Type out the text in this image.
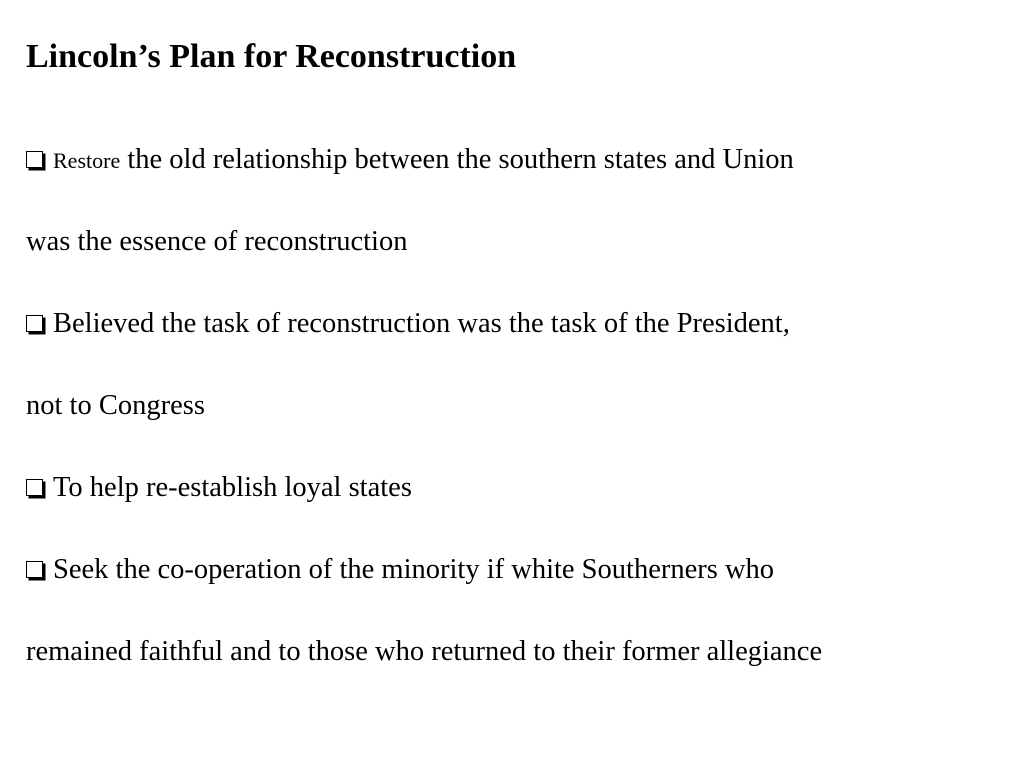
Lincoln’s Plan for Reconstruction

Restore the old relationship between the southern states and Union

was the essence of reconstruction

Believed the task of reconstruction was the task of the President,

not to Congress

To help re-establish loyal states

Seek the co-operation of the minority if white Southerners who

remained faithful and to those who returned to their former allegiance
